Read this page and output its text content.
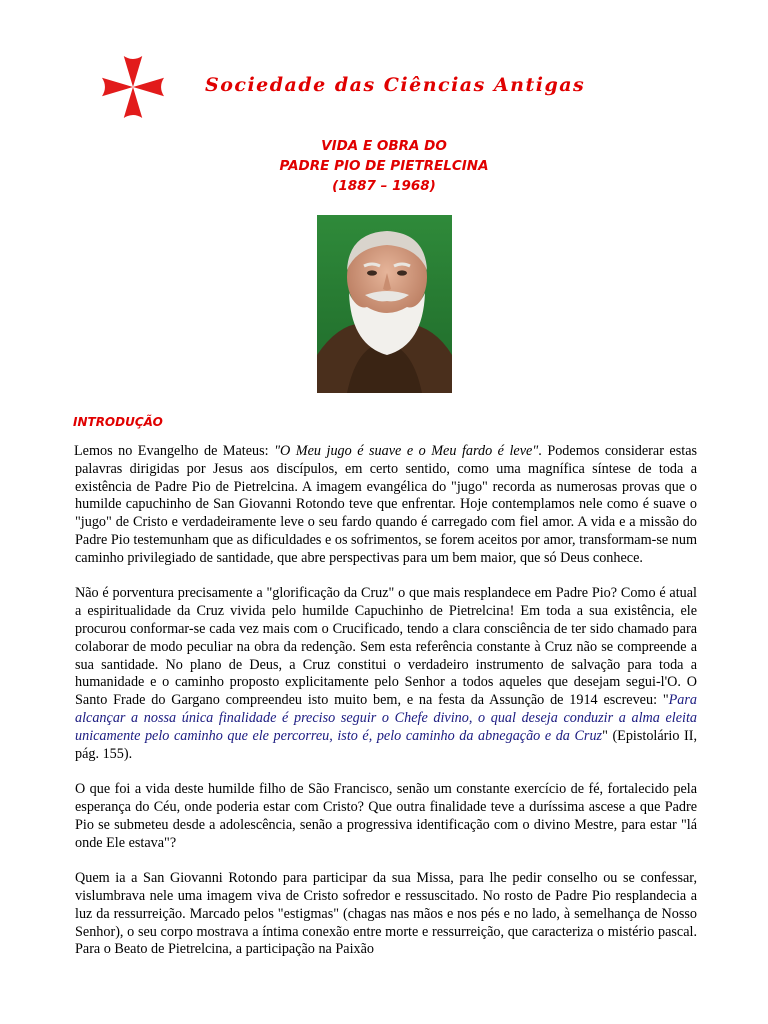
Sociedade das Ciências Antigas
VIDA E OBRA DO
PADRE PIO DE PIETRELCINA
(1887 – 1968)
INTRODUÇÃO

Lemos no Evangelho de Mateus: "O Meu jugo é suave e o Meu fardo é leve". Podemos considerar estas palavras dirigidas por Jesus aos discípulos, em certo sentido, como uma magnífica síntese de toda a existência de Padre Pio de Pietrelcina. A imagem evangélica do "jugo" recorda as numerosas provas que o humilde capuchinho de San Giovanni Rotondo teve que enfrentar. Hoje contemplamos nele como é suave o "jugo" de Cristo e verdadeiramente leve o seu fardo quando é carregado com fiel amor. A vida e a missão do Padre Pio testemunham que as dificuldades e os sofrimentos, se forem aceitos por amor, transformam-se num caminho privilegiado de santidade, que abre perspectivas para um bem maior, que só Deus conhece.

Não é porventura precisamente a "glorificação da Cruz" o que mais resplandece em Padre Pio? Como é atual a espiritualidade da Cruz vivida pelo humilde Capuchinho de Pietrelcina! Em toda a sua existência, ele procurou conformar-se cada vez mais com o Crucificado, tendo a clara consciência de ter sido chamado para colaborar de modo peculiar na obra da redenção. Sem esta referência constante à Cruz não se compreende a sua santidade. No plano de Deus, a Cruz constitui o verdadeiro instrumento de salvação para toda a humanidade e o caminho proposto explicitamente pelo Senhor a todos aqueles que desejam segui-l'O. O Santo Frade do Gargano compreendeu isto muito bem, e na festa da Assunção de 1914 escreveu: "Para alcançar a nossa única finalidade é preciso seguir o Chefe divino, o qual deseja conduzir a alma eleita unicamente pelo caminho que ele percorreu, isto é, pelo caminho da abnegação e da Cruz" (Epistolário II, pág. 155).

O que foi a vida deste humilde filho de São Francisco, senão um constante exercício de fé, fortalecido pela esperança do Céu, onde poderia estar com Cristo? Que outra finalidade teve a duríssima ascese a que Padre Pio se submeteu desde a adolescência, senão a progressiva identificação com o divino Mestre, para estar "lá onde Ele estava"?

Quem ia a San Giovanni Rotondo para participar da sua Missa, para lhe pedir conselho ou se confessar, vislumbrava nele uma imagem viva de Cristo sofredor e ressuscitado. No rosto de Padre Pio resplandecia a luz da ressurreição. Marcado pelos "estigmas" (chagas nas mãos e nos pés e no lado, à semelhança de Nosso Senhor), o seu corpo mostrava a íntima conexão entre morte e ressurreição, que caracteriza o mistério pascal. Para o Beato de Pietrelcina, a participação na Paixão
